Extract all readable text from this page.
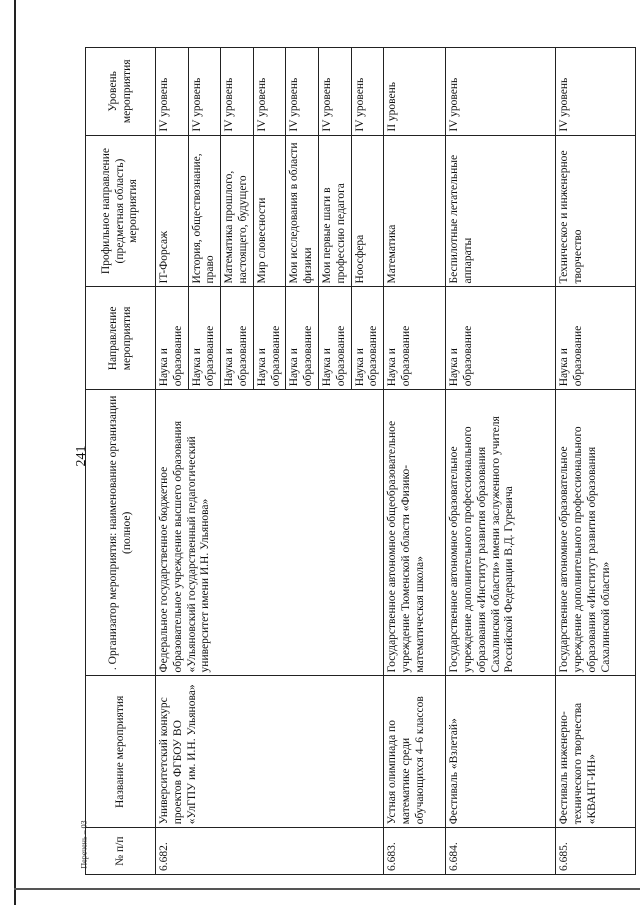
241
Перечень – 03 № п/п	Название мероприятия	. Организатор мероприятия: наименование организации (полное)	Направление мероприятия	Профильное направление (предметная область) мероприятия	Уровень мероприятия
6.682.	Университетский конкурс проектов ФГБОУ ВО «УлГПУ им. И.Н. Ульянова»	Федеральное государственное бюджетное образовательное учреждение высшего образования «Ульяновский государственный педагогический университет имени И.Н. Ульянова»	Наука и образование	IT-Форсаж	IV уровень
			Наука и образование	История, обществознание, право	IV уровень
			Наука и образование	Математика прошлого, настоящего, будущего	IV уровень
			Наука и образование	Мир словесности	IV уровень
			Наука и образование	Мои исследования в области физики	IV уровень
			Наука и образование	Мои первые шаги в профессию педагога	IV уровень
			Наука и образование	Ноосфера	IV уровень
6.683.	Устная олимпиада по математике среди обучающихся 4–6 классов	Государственное автономное общеобразовательное учреждение Тюменской области «Физико-математическая школа»	Наука и образование	Математика	II уровень
6.684.	Фестиваль «Взлетай»	Государственное автономное образовательное учреждение дополнительного профессионального образования «Институт развития образования Сахалинской области» имени заслуженного учителя Российской Федерации В.Д. Гуревича	Наука и образование	Беспилотные летательные аппараты	IV уровень
6.685.	Фестиваль инженерно-технического творчества «КВАНТ-ИН»	Государственное автономное образовательное учреждение дополнительного профессионального образования «Институт развития образования Сахалинской области»	Наука и образование	Техническое и инженерное творчество	IV уровень
